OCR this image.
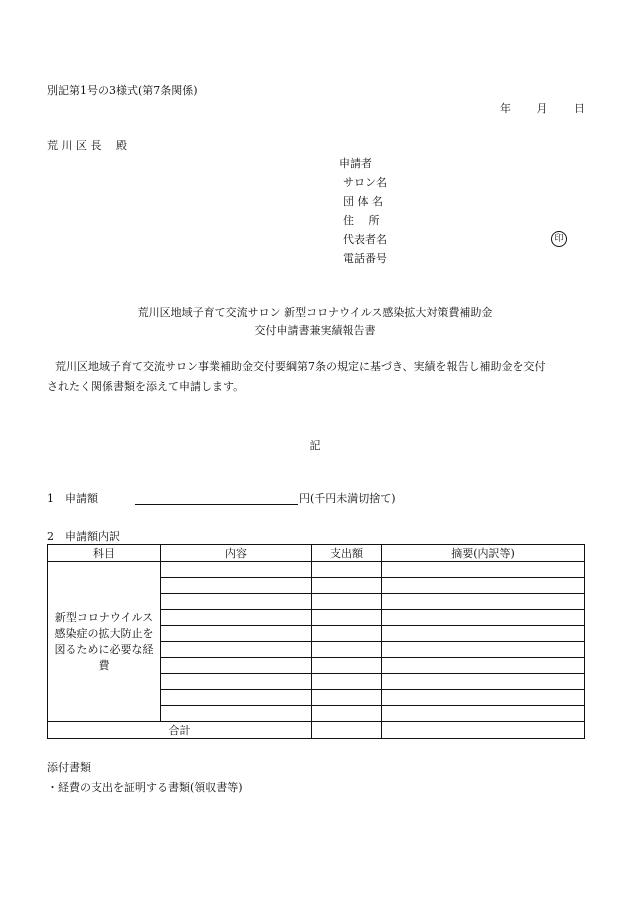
別記第1号の3様式(第7条関係)
年 月 日
荒 川 区 長　 殿
申請者
サロン名
団 体 名
住　 所
代表者名	印
電話番号
荒川区地域子育て交流サロン 新型コロナウイルス感染拡大対策費補助金
交付申請書兼実績報告書
荒川区地域子育て交流サロン事業補助金交付要綱第7条の規定に基づき、実績を報告し補助金を交付
されたく関係書類を添えて申請します。
記
1　申請額	円(千円未満切捨て)
2　申請額内訳
科目	内容	支出額	摘要(内訳等)
新型コロナウイルス感染症の拡大防止を図るために必要な経費			

合計			
添付書類
・経費の支出を証明する書類(領収書等)
